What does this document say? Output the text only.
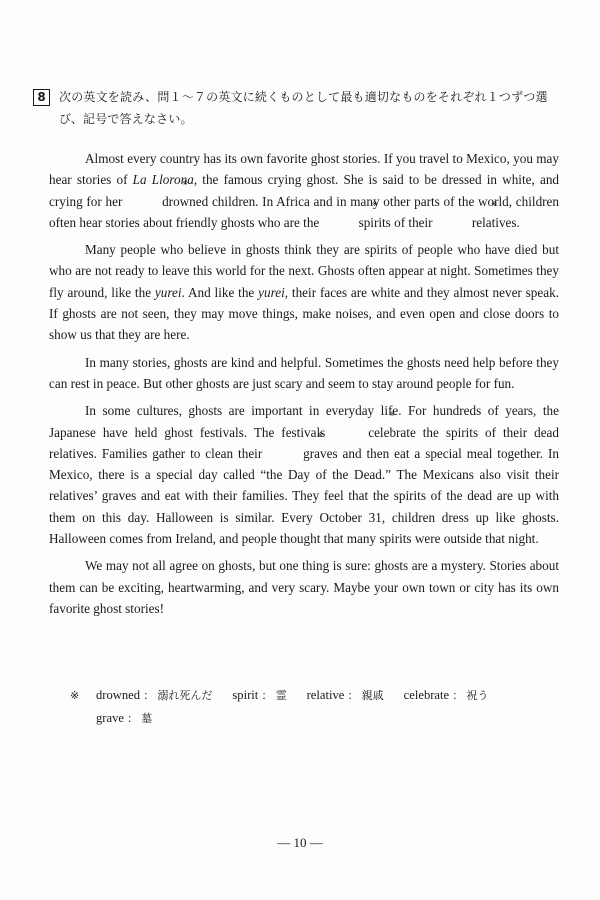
8	次の英文を読み、問１～７の英文に続くものとして最も適切なものをそれぞれ１つずつ選
び、記号で答えなさい。

Almost every country has its own favorite ghost stories. If you travel to Mexico, you may hear stories of La Llorona, the famous crying ghost. She is said to be dressed in white, and crying for her	※ drowned children. In Africa and in many other parts of the world, children often hear stories about friendly ghosts who are the	※ spirits of their	※ relatives.

Many people who believe in ghosts think they are spirits of people who have died but who are not ready to leave this world for the next. Ghosts often appear at night. Sometimes they fly around, like the yurei. And like the yurei, their faces are white and they almost never speak. If ghosts are not seen, they may move things, make noises, and even open and close doors to show us that they are here.

In many stories, ghosts are kind and helpful. Sometimes the ghosts need help before they can rest in peace. But other ghosts are just scary and seem to stay around people for fun.

In some cultures, ghosts are important in everyday life. For hundreds of years, the Japanese have held ghost festivals. The festivals	※ celebrate the spirits of their dead relatives. Families gather to clean their	※ graves and then eat a special meal together. In Mexico, there is a special day called “the Day of the Dead.” The Mexicans also visit their relatives’ graves and eat with their families. They feel that the spirits of the dead are up with them on this day. Halloween is similar. Every October 31, children dress up like ghosts. Halloween comes from Ireland, and people thought that many spirits were outside that night.

We may not all agree on ghosts, but one thing is sure: ghosts are a mystery. Stories about them can be exciting, heartwarming, and very scary. Maybe your own town or city has its own favorite ghost stories!

※	drowned ： 溺れ死んだ spirit ： 霊 relative ： 親戚 celebrate ： 祝う
grave ： 墓
— 10 —
